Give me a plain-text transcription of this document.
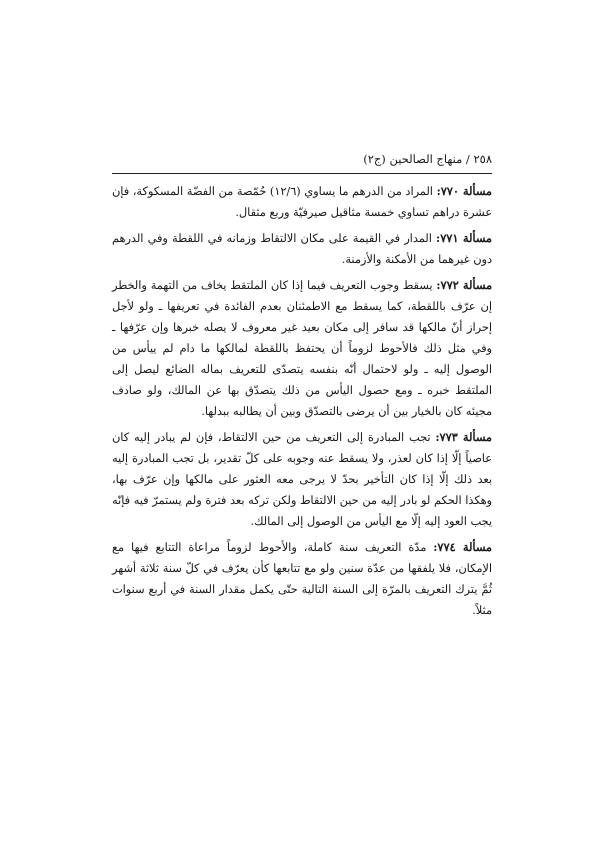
٢٥٨ / منهاج الصالحين (ج٢)

مسألة ٧٧٠: المراد من الدرهم ما يساوي (١٢/٦) حُمّصة من الفضّة المسكوكة، فإن عشرة دراهم تساوي خمسة مثاقيل صيرفيّة وربع مثقال.

مسألة ٧٧١: المدار في القيمة على مكان الالتقاط وزمانه في اللقطة وفي الدرهم دون غيرهما من الأمكنة والأزمنة.

مسألة ٧٧٢: يسقط وجوب التعريف فيما إذا كان الملتقط يخاف من التهمة والخطر إن عرّف باللقطة، كما يسقط مع الاطمئنان بعدم الفائدة في تعريفها ـ ولو لأجل إحراز أنّ مالكها قد سافر إلى مكان بعيد غير معروف لا يصله خبرها وإن عرّفها ـ وفي مثل ذلك فالأحوط لزوماً أن يحتفظ باللقطة لمالكها ما دام لم ييأس من الوصول إليه ـ ولو لاحتمال أنّه بنفسه يتصدّى للتعريف بماله الضائع ليصل إلى الملتقط خبره ـ ومع حصول اليأس من ذلك يتصدّق بها عن المالك، ولو صادف مجيئه كان بالخيار بين أن يرضى بالتصدّق وبين أن يطالبه ببدلها.

مسألة ٧٧٣: تجب المبادرة إلى التعريف من حين الالتقاط، فإن لم يبادر إليه كان عاصياً إلّا إذا كان لعذر، ولا يسقط عنه وجوبه على كلّ تقدير، بل تجب المبادرة إليه بعد ذلك إلّا إذا كان التأخير بحدّ لا يرجى معه العثور على مالكها وإن عرّف بها، وهكذا الحكم لو بادر إليه من حين الالتقاط ولكن تركه بعد فترة ولم يستمرّ فيه فإنّه يجب العود إليه إلّا مع اليأس من الوصول إلى المالك.

مسألة ٧٧٤: مدّة التعريف سنة كاملة، والأحوط لزوماً مراعاة التتابع فيها مع الإمكان، فلا يلفقها من عدّة سنين ولو مع تتابعها كأن يعرّف في كلّ سنة ثلاثة أشهر ثُمَّ يترك التعريف بالمرّة إلى السنة التالية حتّى يكمل مقدار السنة في أربع سنوات مثلاً.
